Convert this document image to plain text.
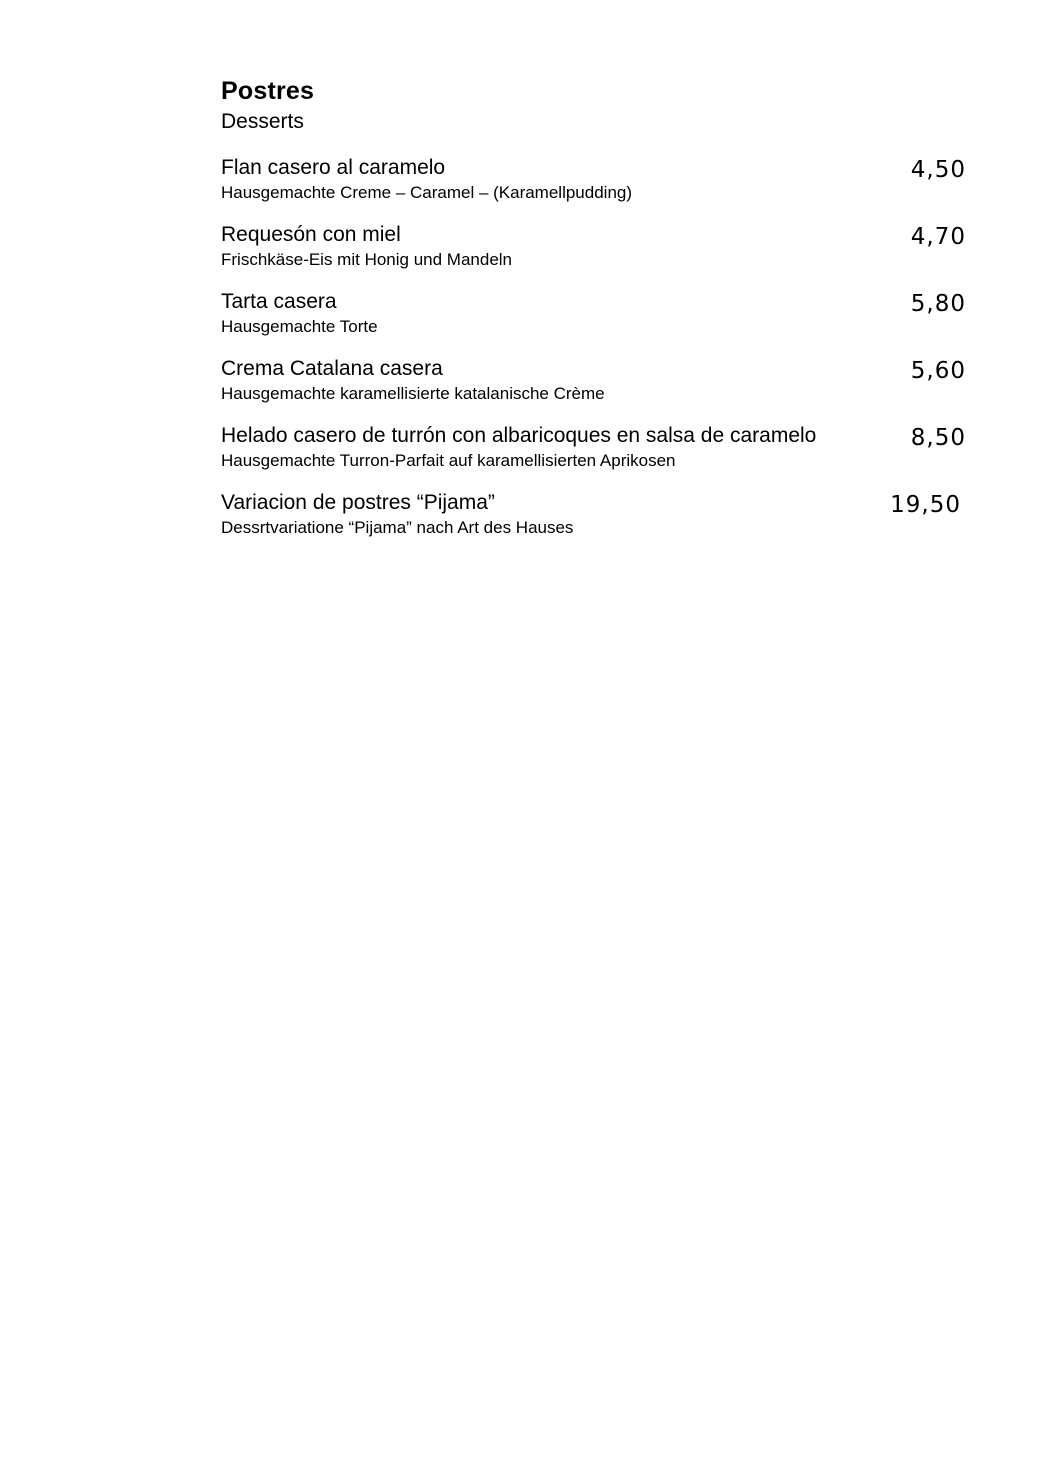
Postres
Desserts
Flan casero al caramelo
Hausgemachte Creme – Caramel – (Karamellpudding)
4,50
Requesón con miel
Frischkäse-Eis mit Honig und Mandeln
4,70
Tarta casera
Hausgemachte Torte
5,80
Crema Catalana casera
Hausgemachte karamellisierte katalanische Crème
5,60
Helado casero de turrón con albaricoques en salsa de caramelo
Hausgemachte Turron-Parfait auf karamellisierten Aprikosen
8,50
Variacion de postres “Pijama”
Dessrtvariatione “Pijama” nach Art des Hauses
19,50
